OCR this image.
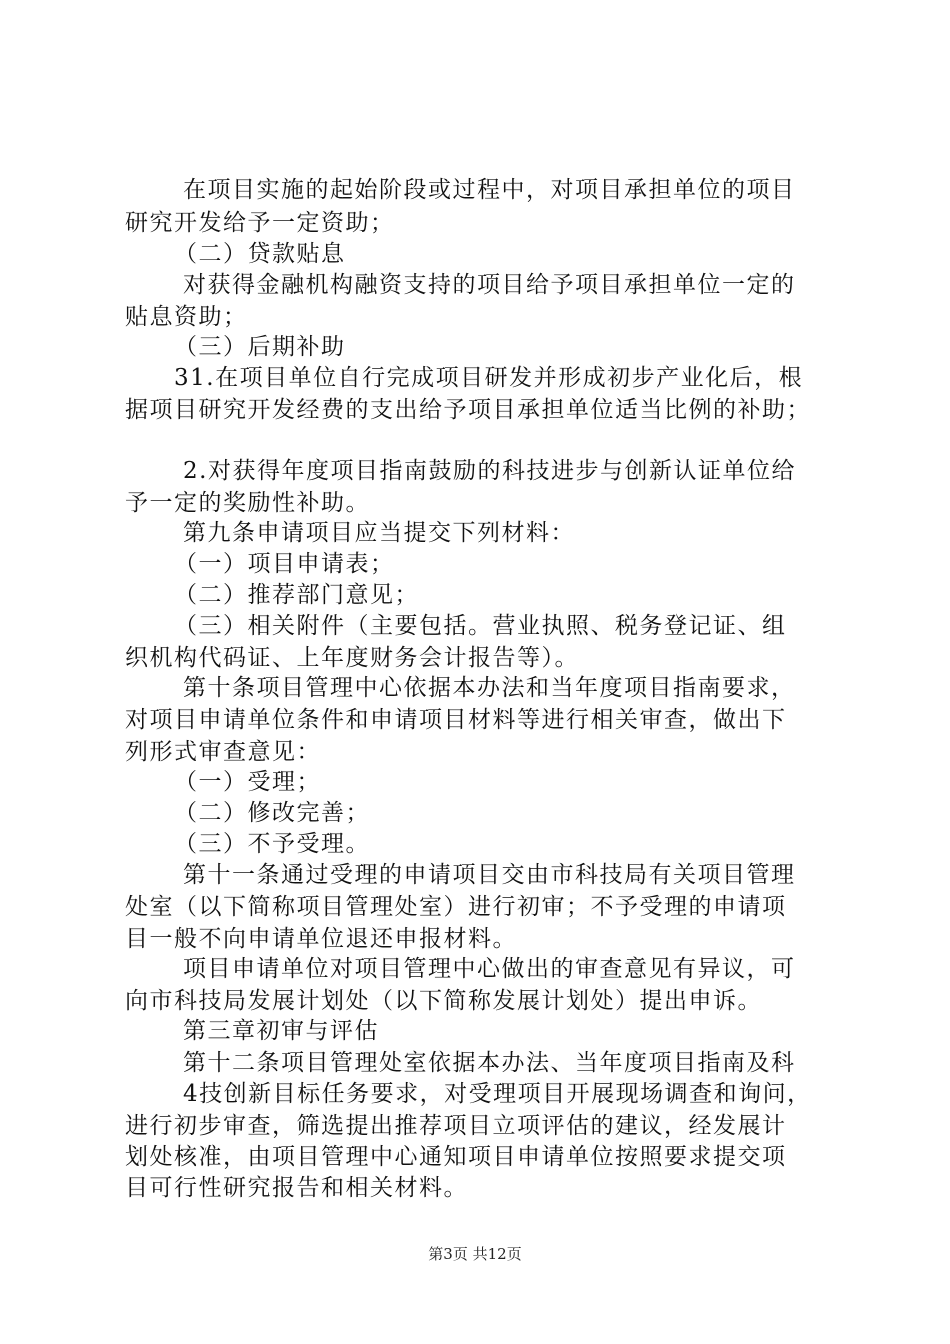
在项目实施的起始阶段或过程中，对项目承担单位的项目
研究开发给予一定资助；
（二）贷款贴息
对获得金融机构融资支持的项目给予项目承担单位一定的
贴息资助；
（三）后期补助
31.在项目单位自行完成项目研发并形成初步产业化后，根
据项目研究开发经费的支出给予项目承担单位适当比例的补助；
2.对获得年度项目指南鼓励的科技进步与创新认证单位给
予一定的奖励性补助。
第九条申请项目应当提交下列材料：
（一）项目申请表；
（二）推荐部门意见；
（三）相关附件（主要包括。营业执照、税务登记证、组
织机构代码证、上年度财务会计报告等）。
第十条项目管理中心依据本办法和当年度项目指南要求，
对项目申请单位条件和申请项目材料等进行相关审查，做出下
列形式审查意见：
（一）受理；
（二）修改完善；
（三）不予受理。
第十一条通过受理的申请项目交由市科技局有关项目管理
处室（以下简称项目管理处室）进行初审；不予受理的申请项
目一般不向申请单位退还申报材料。
项目申请单位对项目管理中心做出的审查意见有异议，可
向市科技局发展计划处（以下简称发展计划处）提出申诉。
第三章初审与评估
第十二条项目管理处室依据本办法、当年度项目指南及科
4技创新目标任务要求，对受理项目开展现场调查和询问，
进行初步审查，筛选提出推荐项目立项评估的建议，经发展计
划处核准，由项目管理中心通知项目申请单位按照要求提交项
目可行性研究报告和相关材料。
第3页 共12页
